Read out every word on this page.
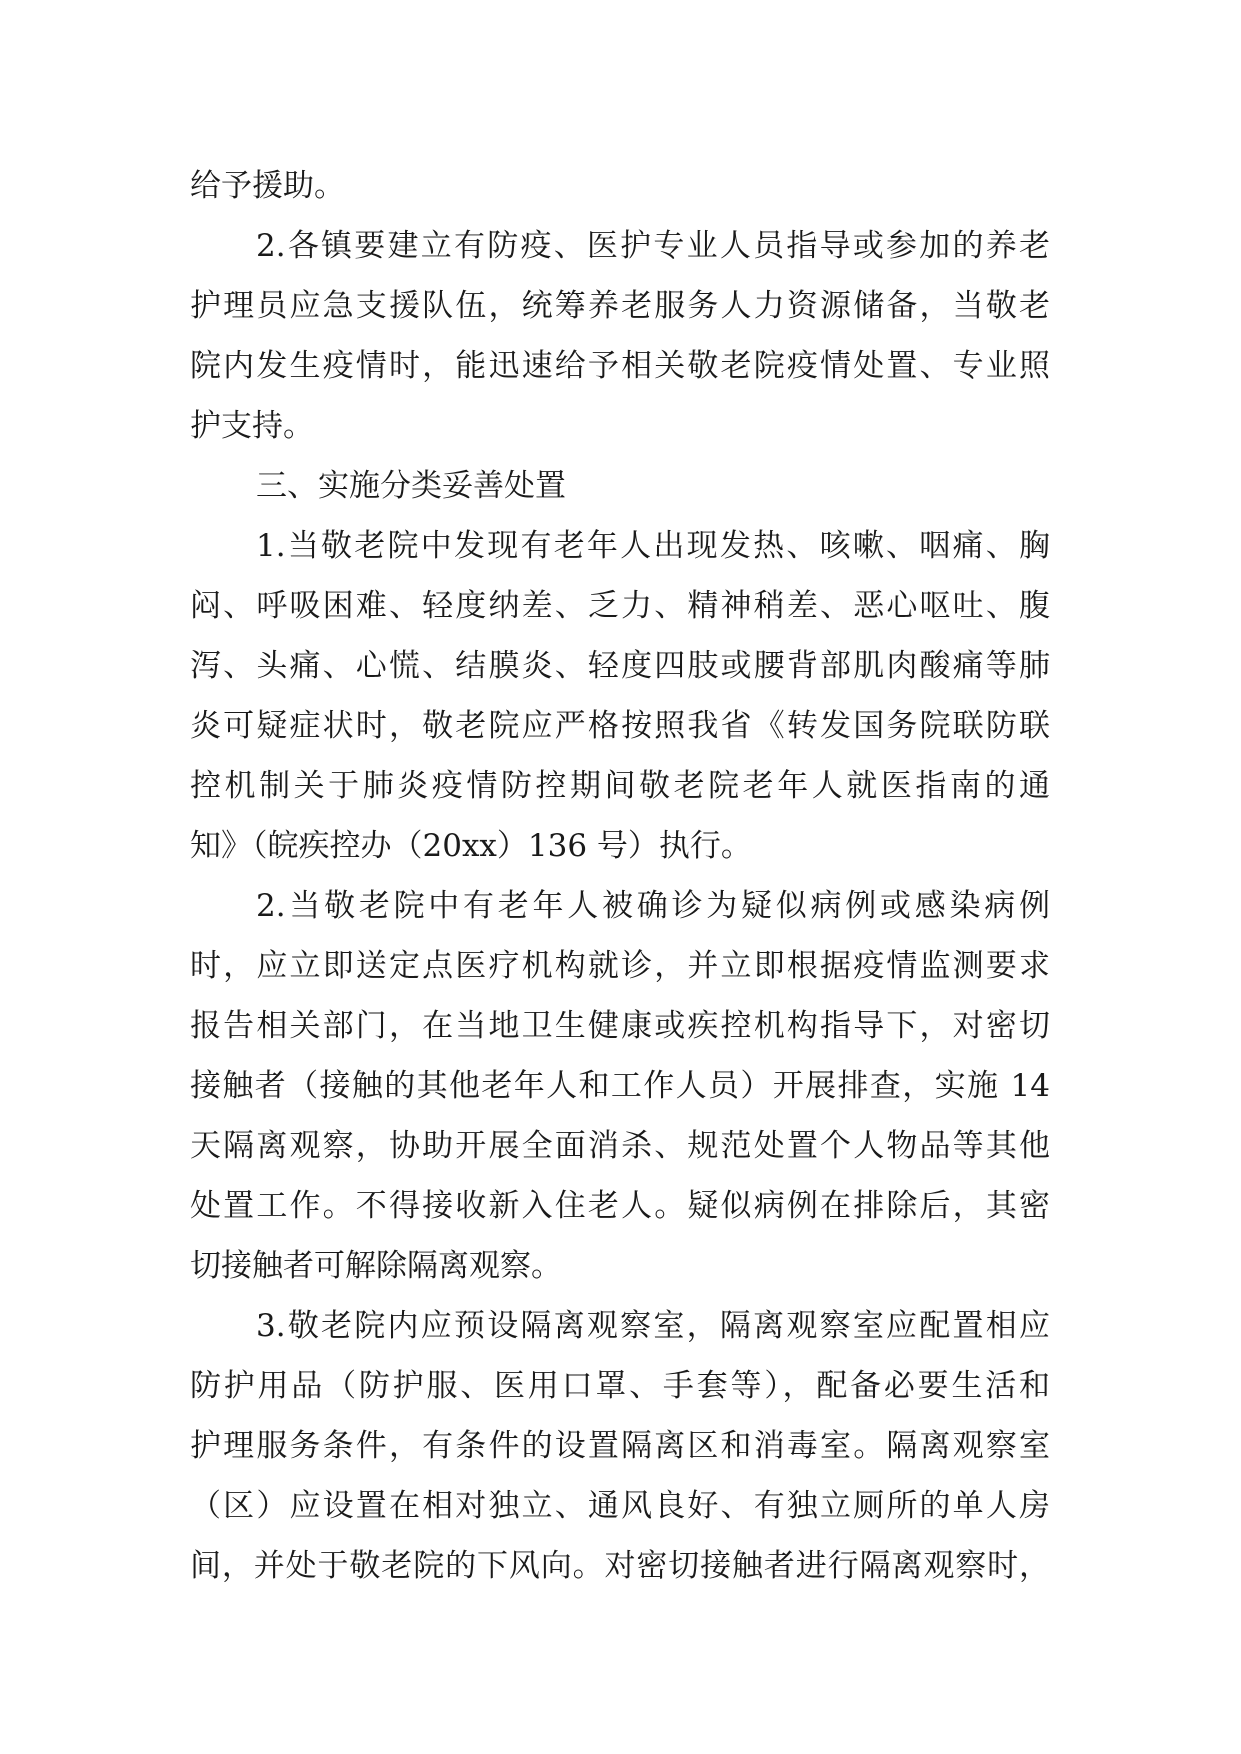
给予援助。
2.各镇要建立有防疫、医护专业人员指导或参加的养老
护理员应急支援队伍，统筹养老服务人力资源储备，当敬老
院内发生疫情时，能迅速给予相关敬老院疫情处置、专业照
护支持。
三、实施分类妥善处置
1.当敬老院中发现有老年人出现发热、咳嗽、咽痛、胸
闷、呼吸困难、轻度纳差、乏力、精神稍差、恶心呕吐、腹
泻、头痛、心慌、结膜炎、轻度四肢或腰背部肌肉酸痛等肺
炎可疑症状时，敬老院应严格按照我省《转发国务院联防联
控机制关于肺炎疫情防控期间敬老院老年人就医指南的通
知》（皖疾控办（20xx）136 号）执行。
2.当敬老院中有老年人被确诊为疑似病例或感染病例
时，应立即送定点医疗机构就诊，并立即根据疫情监测要求
报告相关部门，在当地卫生健康或疾控机构指导下，对密切
接触者（接触的其他老年人和工作人员）开展排查，实施 14
天隔离观察，协助开展全面消杀、规范处置个人物品等其他
处置工作。不得接收新入住老人。疑似病例在排除后，其密
切接触者可解除隔离观察。
3.敬老院内应预设隔离观察室，隔离观察室应配置相应
防护用品（防护服、医用口罩、手套等），配备必要生活和
护理服务条件，有条件的设置隔离区和消毒室。隔离观察室
（区）应设置在相对独立、通风良好、有独立厕所的单人房
间，并处于敬老院的下风向。对密切接触者进行隔离观察时，
